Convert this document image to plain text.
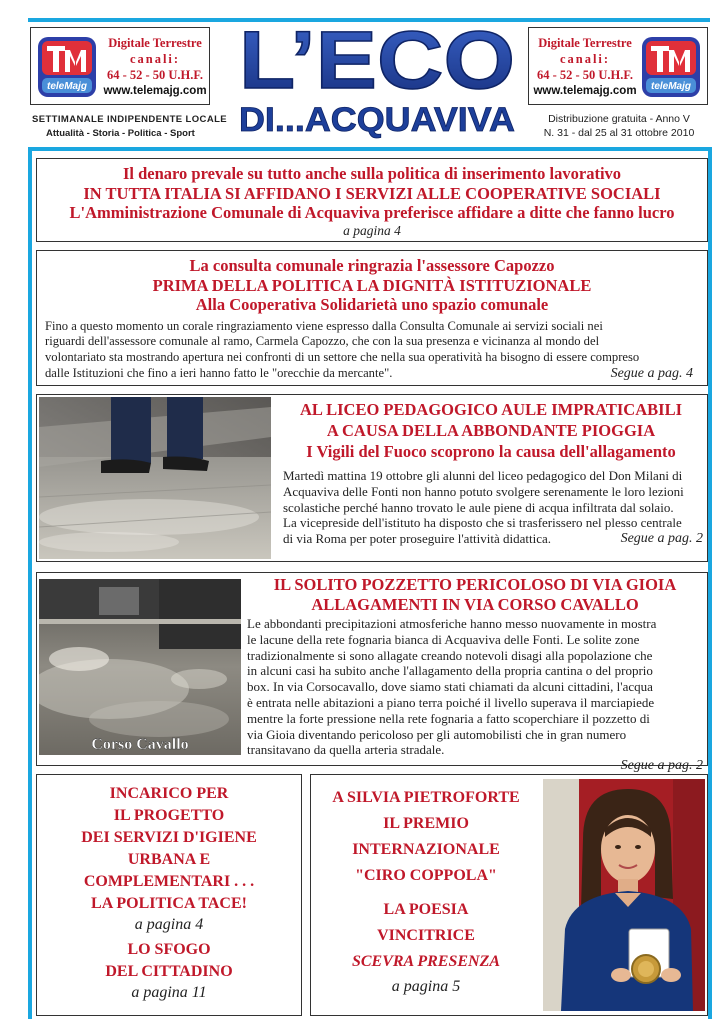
teleMajg
Digitale Terrestre
canali:
64 - 52 - 50 U.H.F.
www.telemajg.com	teleMajg
Digitale Terrestre
canali:
64 - 52 - 50 U.H.F.
www.telemajg.com
L’ECO
DI...ACQUAVIVA
SETTIMANALE INDIPENDENTE LOCALE
Attualità - Storia - Politica - Sport
Distribuzione gratuita - Anno V
N. 31 - dal 25 al 31 ottobre 2010
Il denaro prevale su tutto anche sulla politica di inserimento lavorativo
IN TUTTA ITALIA SI AFFIDANO I SERVIZI ALLE COOPERATIVE SOCIALI
L'Amministrazione Comunale di Acquaviva preferisce affidare a ditte che fanno lucro
a pagina 4
La consulta comunale ringrazia l'assessore Capozzo
PRIMA DELLA POLITICA LA DIGNITÀ ISTITUZIONALE
Alla Cooperativa Solidarietà uno spazio comunale
Fino a questo momento un corale ringraziamento viene espresso dalla Consulta Comunale ai servizi sociali nei
riguardi dell'assessore comunale al ramo, Carmela Capozzo, che con la sua presenza e vicinanza al mondo del
volontariato sta mostrando apertura nei confronti di un settore che nella sua operatività ha bisogno di essere compreso
dalle Istituzioni che fino a ieri hanno fatto le "orecchie da mercante".	Segue a pag. 4
AL LICEO PEDAGOGICO AULE IMPRATICABILI
A CAUSA DELLA ABBONDANTE PIOGGIA
I Vigili del Fuoco scoprono la causa dell'allagamento
Martedì mattina 19 ottobre gli alunni del liceo pedagogico del Don Milani di
Acquaviva delle Fonti non hanno potuto svolgere serenamente le loro lezioni
scolastiche perché hanno trovato le aule piene di acqua infiltrata dal solaio.
La vicepreside dell'istituto ha disposto che si trasferissero nel plesso centrale
di via Roma per poter proseguire l'attività didattica.	Segue a pag. 2
Corso Cavallo
IL SOLITO POZZETTO PERICOLOSO DI VIA GIOIA
ALLAGAMENTI IN VIA CORSO CAVALLO
Le abbondanti precipitazioni atmosferiche hanno messo nuovamente in mostra
le lacune della rete fognaria bianca di Acquaviva delle Fonti. Le solite zone
tradizionalmente si sono allagate creando notevoli disagi alla popolazione che
in alcuni casi ha subito anche l'allagamento della propria cantina o del proprio
box. In via Corsocavallo, dove siamo stati chiamati da alcuni cittadini, l'acqua
è entrata nelle abitazioni a piano terra poiché il livello superava il marciapiede
mentre la forte pressione nella rete fognaria a fatto scoperchiare il pozzetto di
via Gioia diventando pericoloso per gli automobilisti che in gran numero
transitavano da quella arteria stradale.
Segue a pag. 2
INCARICO PER
IL PROGETTO
DEI SERVIZI D'IGIENE
URBANA E
COMPLEMENTARI . . .
LA POLITICA TACE!
a pagina 4
LO SFOGO
DEL CITTADINO
a pagina 11
A SILVIA PIETROFORTE
IL PREMIO
INTERNAZIONALE
"CIRO COPPOLA"
LA POESIA
VINCITRICE
SCEVRA PRESENZA
a pagina 5
